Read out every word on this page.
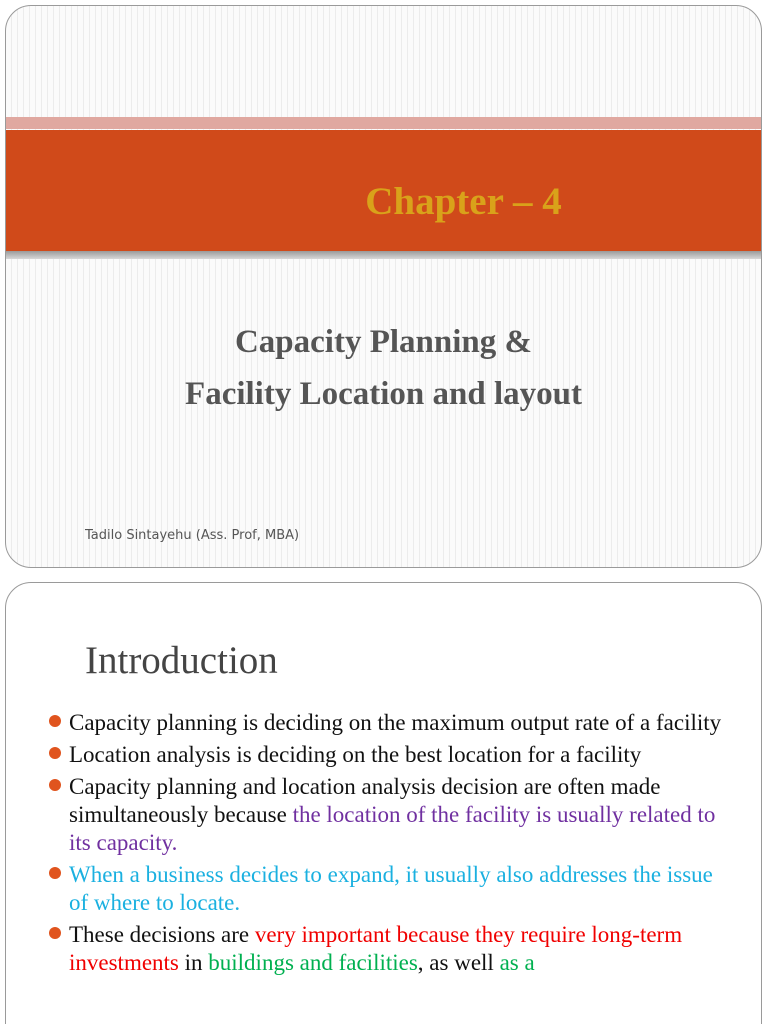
Chapter – 4
Capacity Planning &
Facility Location and layout
Tadilo Sintayehu (Ass. Prof, MBA)
Introduction
Capacity planning is deciding on the maximum output rate of a facility
Location analysis is deciding on the best location for a facility
Capacity planning and location analysis decision are often made simultaneously because the location of the facility is usually related to its capacity.
When a business decides to expand, it usually also addresses the issue of where to locate.
These decisions are very important because they require long-term investments in buildings and facilities, as well as a
